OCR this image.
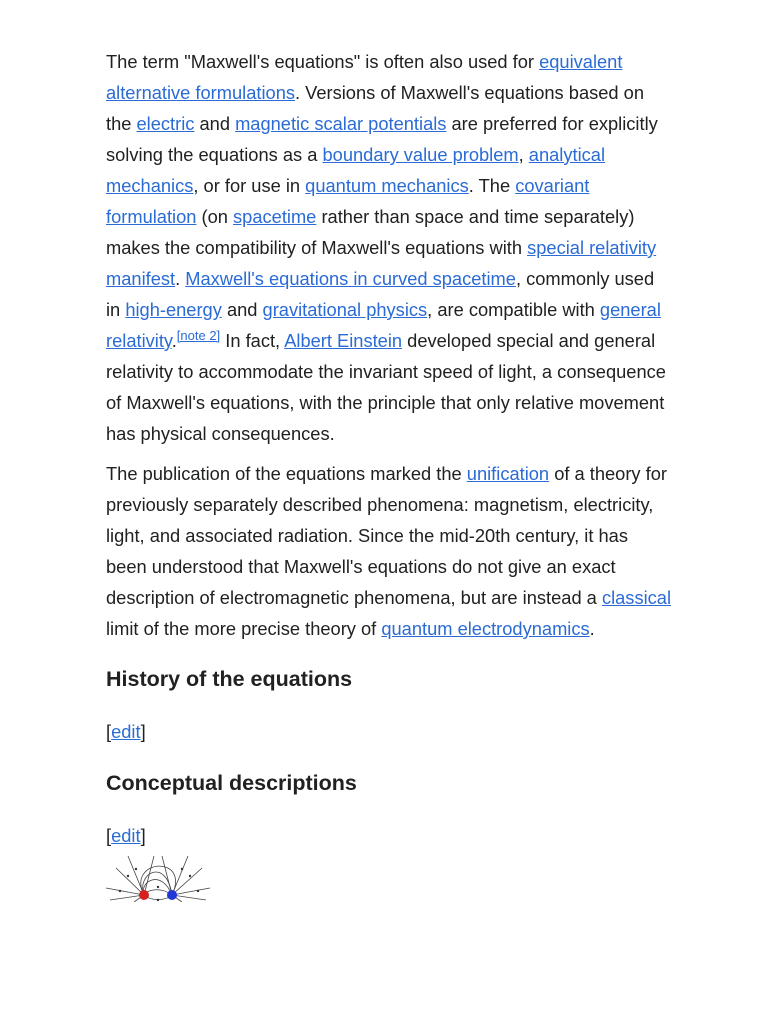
The term "Maxwell's equations" is often also used for equivalent alternative formulations. Versions of Maxwell's equations based on the electric and magnetic scalar potentials are preferred for explicitly solving the equations as a boundary value problem, analytical mechanics, or for use in quantum mechanics. The covariant formulation (on spacetime rather than space and time separately) makes the compatibility of Maxwell's equations with special relativity manifest. Maxwell's equations in curved spacetime, commonly used in high-energy and gravitational physics, are compatible with general relativity.[note 2] In fact, Albert Einstein developed special and general relativity to accommodate the invariant speed of light, a consequence of Maxwell's equations, with the principle that only relative movement has physical consequences.

The publication of the equations marked the unification of a theory for previously separately described phenomena: magnetism, electricity, light, and associated radiation. Since the mid-20th century, it has been understood that Maxwell's equations do not give an exact description of electromagnetic phenomena, but are instead a classical limit of the more precise theory of quantum electrodynamics.

History of the equations
[edit]
Conceptual descriptions
[edit]
